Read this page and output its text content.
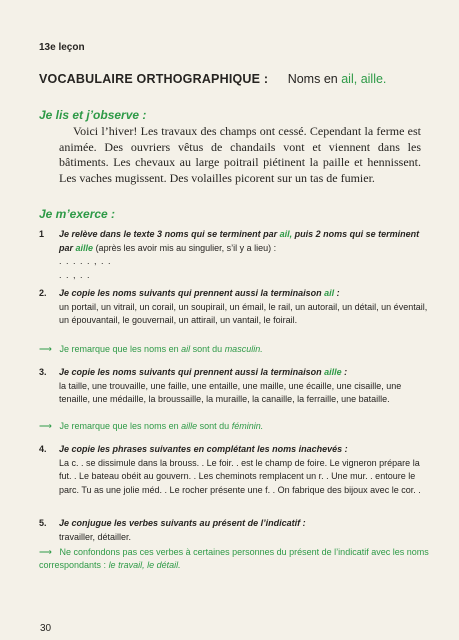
13e leçon
VOCABULAIRE ORTHOGRAPHIQUE : Noms en ail, aille.
Je lis et j’observe :
Voici l’hiver! Les travaux des champs ont cessé. Cependant la ferme est animée. Des ouvriers vêtus de chandails vont et viennent dans les bâtiments. Les chevaux au large poitrail piétinent la paille et hennissent. Les vaches mugissent. Des volailles picorent sur un tas de fumier.
Je m’exerce :
1 Je relève dans le texte 3 noms qui se terminent par ail, puis 2 noms qui se terminent par aille (après les avoir mis au singulier, s’il y a lieu) :
. . . . . , . .
. . , . .
2. Je copie les noms suivants qui prennent aussi la terminaison ail :
un portail, un vitrail, un corail, un soupirail, un émail, le rail, un autorail, un détail, un éventail, un épouvantail, le gouvernail, un attirail, un vantail, le foirail.
⟶ Je remarque que les noms en ail sont du masculin.
3. Je copie les noms suivants qui prennent aussi la terminaison aille :
la taille, une trouvaille, une faille, une entaille, une maille, une écaille, une cisaille, une tenaille, une médaille, la broussaille, la muraille, la canaille, la ferraille, une bataille.
⟶ Je remarque que les noms en aille sont du féminin.
4. Je copie les phrases suivantes en complétant les noms inachevés :
La c. . se dissimule dans la brouss. . Le foir. . est le champ de foire. Le vigneron prépare la fut. . Le bateau obéit au gouvern. . Les cheminots remplacent un r. . Une mur. . entoure le parc. Tu as une jolie méd. . Le rocher présente une f. . On fabrique des bijoux avec le cor. .
5. Je conjugue les verbes suivants au présent de l’indicatif :
travailler, détailler.
⟶ Ne confondons pas ces verbes à certaines personnes du présent de l’indicatif avec les noms correspondants : le travail, le détail.
30
